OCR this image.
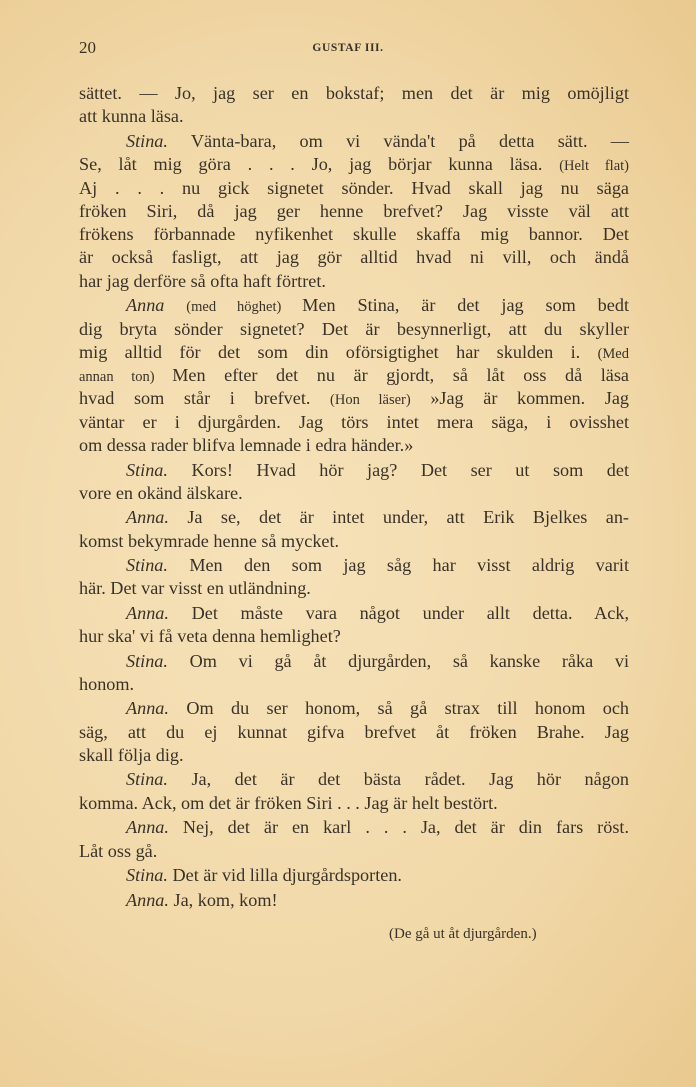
20	GUSTAF III.
sättet. — Jo, jag ser en bokstaf; men det är mig omöjligt
att kunna läsa.
Stina. Vänta‑bara, om vi vända't på detta sätt. —
Se, låt mig göra . . . Jo, jag börjar kunna läsa. (Helt flat)
Aj . . . nu gick signetet sönder. Hvad skall jag nu säga
fröken Siri, då jag ger henne brefvet? Jag visste väl att
frökens förbannade nyfikenhet skulle skaffa mig bannor. Det
är också fasligt, att jag gör alltid hvad ni vill, och ändå
har jag derföre så ofta haft förtret.
Anna (med höghet) Men Stina, är det jag som bedt
dig bryta sönder signetet? Det är besynnerligt, att du skyller
mig alltid för det som din oförsigtighet har skulden i. (Med
annan ton) Men efter det nu är gjordt, så låt oss då läsa
hvad som står i brefvet. (Hon läser) »Jag är kommen. Jag
väntar er i djurgården. Jag törs intet mera säga, i ovisshet
om dessa rader blifva lemnade i edra händer.»
Stina. Kors! Hvad hör jag? Det ser ut som det
vore en okänd älskare.
Anna. Ja se, det är intet under, att Erik Bjelkes an-
komst bekymrade henne så mycket.
Stina. Men den som jag såg har visst aldrig varit
här. Det var visst en utländning.
Anna. Det måste vara något under allt detta. Ack,
hur ska' vi få veta denna hemlighet?
Stina. Om vi gå åt djurgården, så kanske råka vi
honom.
Anna. Om du ser honom, så gå strax till honom och
säg, att du ej kunnat gifva brefvet åt fröken Brahe. Jag
skall följa dig.
Stina. Ja, det är det bästa rådet. Jag hör någon
komma. Ack, om det är fröken Siri . . . Jag är helt bestört.
Anna. Nej, det är en karl . . . Ja, det är din fars röst.
Låt oss gå.
Stina. Det är vid lilla djurgårdsporten.
Anna. Ja, kom, kom!
(De gå ut åt djurgården.)
